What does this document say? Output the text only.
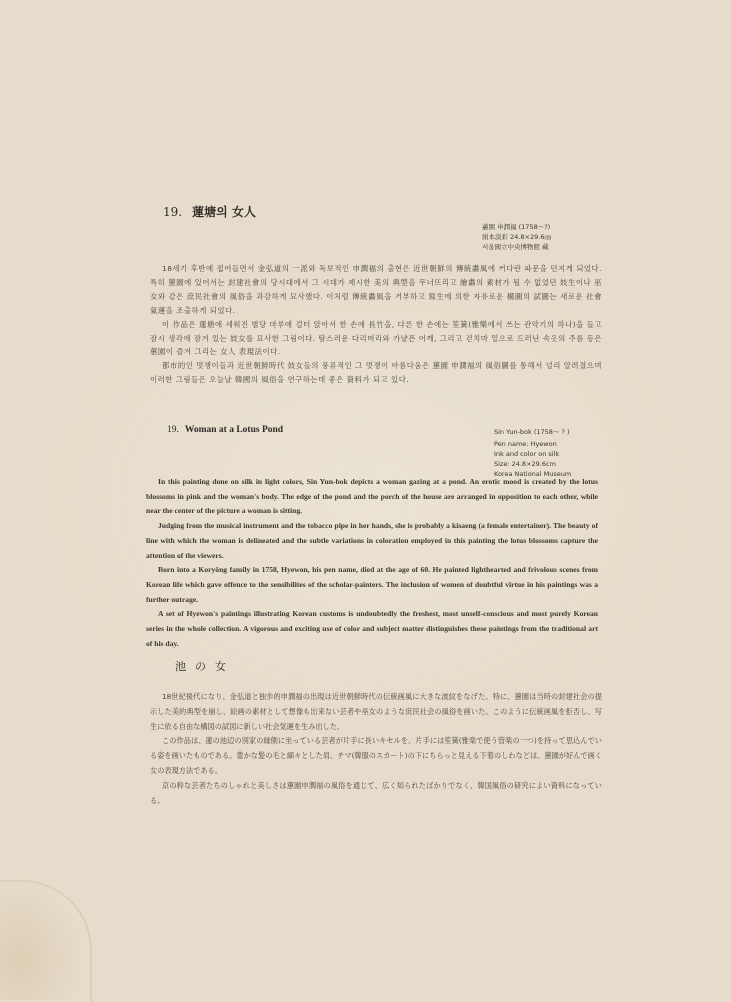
19. 蓮塘의 女人
蕙園 申潤福 (1758～?)
絹本淡彩 24.8×29.6㎝
서울國立中央博物館 藏

18세기 후반에 접어들면서 金弘道의 一派와 독보적인 申潤福의 출현은 近世朝鮮의 傳統畵風에 커다란 파문을 던지게 되었다. 특히 蕙園에 있어서는 封建社會의 당시대에서 그 시대가 제시한 美의 典型을 무너뜨리고 繪畵의 素材가 될 수 없었던 妓生이나 巫女와 같은 庶民社會의 風俗을 과감하게 묘사했다. 이처럼 傳統畵風을 거부하고 寫生에 의한 자유로운 構圖의 試圖는 새로운 社會氣運을 조출하게 되었다.

이 作品은 蓮塘에 세워진 별당 마루에 걸터 앉아서 한 손에 長竹을, 다른 한 손에는 笙簧(雅樂에서 쓰는 관악기의 하나)을 들고 잠시 생각에 잠겨 있는 妓女를 묘사한 그림이다. 탐스러운 다리머리와 가냘픈 어깨, 그리고 걷치마 밑으로 드러난 속옷의 주름 등은 蕙園이 즐겨 그리는 女人 表現法이다.

都市的인 멋쟁이들과 近世朝鮮時代 妓女들의 풍류적인 그 멋쟁이 아름다움은 蕙園 申潤福의 風俗圖를 통해서 널리 알려졌으며 이러한 그림들은 오늘날 韓國의 風俗을 연구하는데 좋은 資料가 되고 있다.

19. Woman at a Lotus Pond	Sin Yun-bok (1758～ ? )
Pen name: Hyewon
Ink and color on silk
Size: 24.8×29.6cm
Korea National Museum

In this painting done on silk in light colors, Sin Yun-bok depicts a woman gazing at a pond. An erotic mood is created by the lotus blossoms in pink and the woman's body. The edge of the pond and the porch of the house are arranged in opposition to each other, while near the center of the picture a woman is sitting.

Judging from the musical instrument and the tobacco pipe in her hands, she is probably a kisaeng (a female entertainer). The beauty of line with which the woman is delineated and the subtle variations in coloration employed in this painting the lotus blossoms capture the attention of the viewers.

Born into a Koryŏng family in 1758, Hyewon, his pen name, died at the age of 60. He painted lighthearted and frivolous scenes from Korean life which gave offence to the sensibilites of the scholar-painters. The inclusion of women of doubtful virtue in his paintings was a further outrage.

A set of Hyewon's paintings illustrating Korean customs is undoubtedly the freshest, most unself-conscious and most purely Korean series in the whole collection. A vigorous and exciting use of color and subject matter distinguishes these paintings from the traditional art of his day.

池の女

18世紀後代になり、金弘道と独歩的申潤福の出現は近世朝鮮時代の伝統画風に大きな波紋をなげた。特に、蕙園は当時の封建社会の提示した美的典型を崩し、絵画の素材として想像も出来ない芸者や巫女のような庶民社会の風俗を画いた。このように伝統画風を拒否し、写生に依る自由な構図の試図に新しい社会気運を生み出した。

この作品は、蓮の池辺の別家の縁側に坐っている芸者が片手に長いキセルを、片手には笙簧(雅楽で使う管楽の一つ)を持って思込んでいる姿を画いたものである。豊かな髪の毛と細々とした肩、チマ(韓服のスカート)の下にちらっと見える下着のしわなどは、蕙園が好んで画く女の表現方法である。

京の粋な芸者たちのしゃれと美しさは蕙園申潤福の風俗を通じて、広く知られたばかりでなく、韓国風俗の研究によい資料になっている。
